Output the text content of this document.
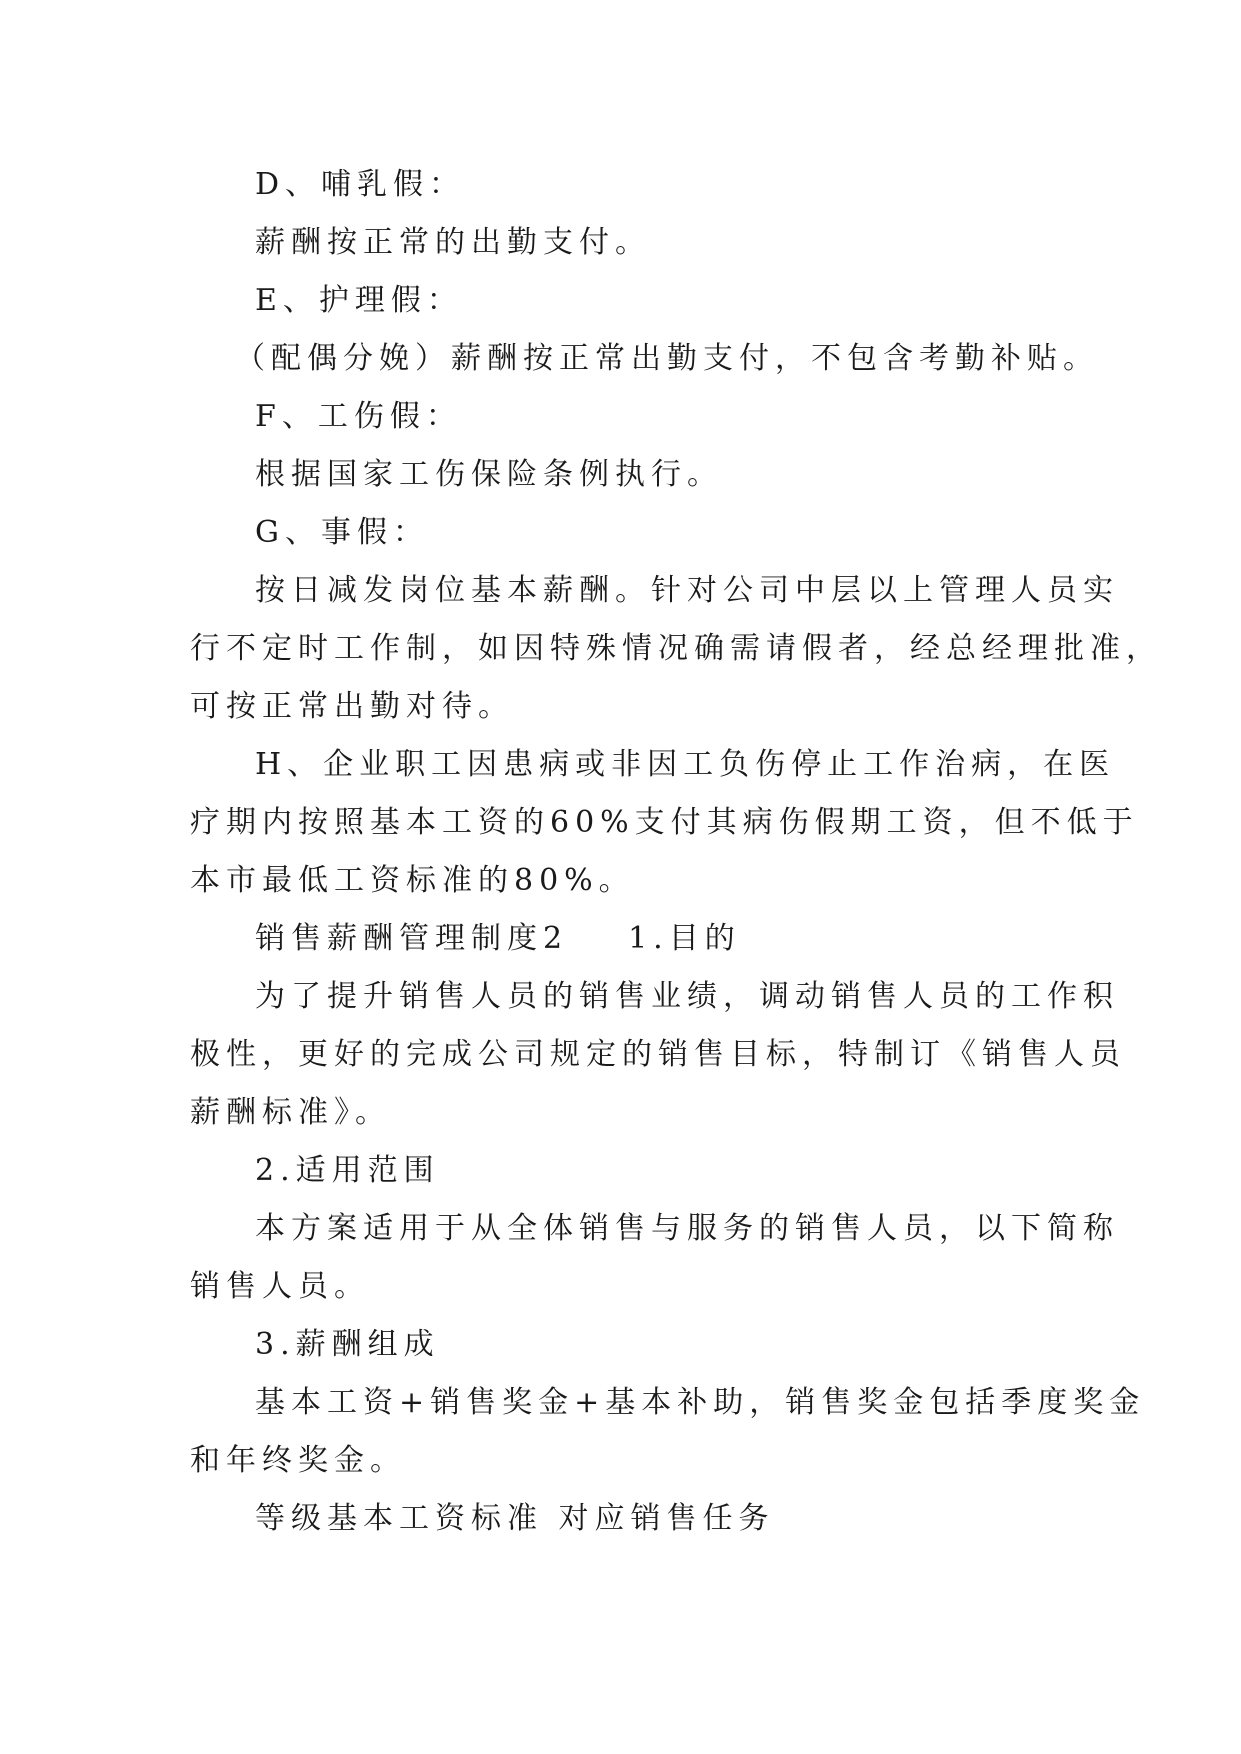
D、哺乳假：
薪酬按正常的出勤支付。
E、护理假：
（配偶分娩）薪酬按正常出勤支付，不包含考勤补贴。
F、工伤假：
根据国家工伤保险条例执行。
G、事假：
按日减发岗位基本薪酬。针对公司中层以上管理人员实
行不定时工作制，如因特殊情况确需请假者，经总经理批准，
可按正常出勤对待。
H、企业职工因患病或非因工负伤停止工作治病，在医
疗期内按照基本工资的60%支付其病伤假期工资，但不低于
本市最低工资标准的80%。
销售薪酬管理制度2 1.目的
为了提升销售人员的销售业绩，调动销售人员的工作积
极性，更好的完成公司规定的销售目标，特制订《销售人员
薪酬标准》。
2.适用范围
本方案适用于从全体销售与服务的销售人员，以下简称
销售人员。
3.薪酬组成
基本工资+销售奖金+基本补助，销售奖金包括季度奖金
和年终奖金。
等级基本工资标准 对应销售任务
